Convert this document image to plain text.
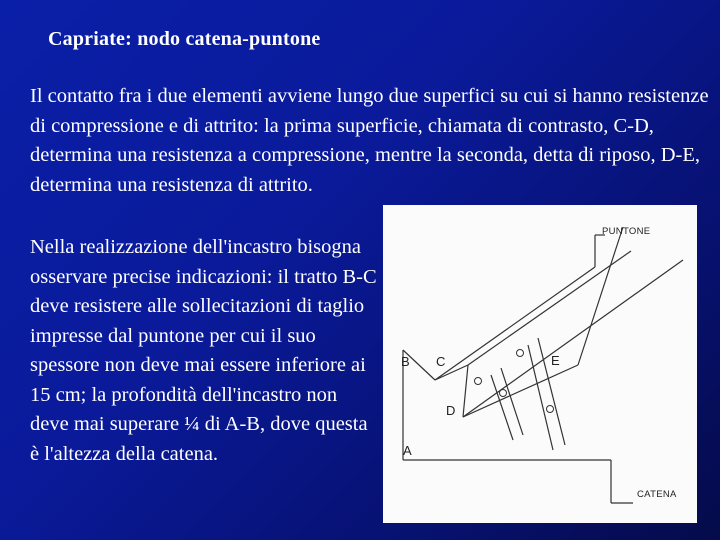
Capriate: nodo catena-puntone
Il contatto fra i due elementi avviene lungo due superfici su cui si hanno resistenze di compressione e di attrito: la prima superficie, chiamata di contrasto, C-D, determina una resistenza a compressione, mentre la seconda, detta di riposo, D-E, determina una resistenza di attrito.
Nella realizzazione dell'incastro bisogna osservare precise indicazioni: il tratto B-C deve resistere alle sollecitazioni di taglio impresse dal puntone per cui il suo spessore non deve mai essere inferiore ai 15 cm; la profondità dell'incastro non deve mai superare ¼ di A-B, dove questa è l'altezza della catena.
PUNTONE
CATENA
A
B C
D
E
